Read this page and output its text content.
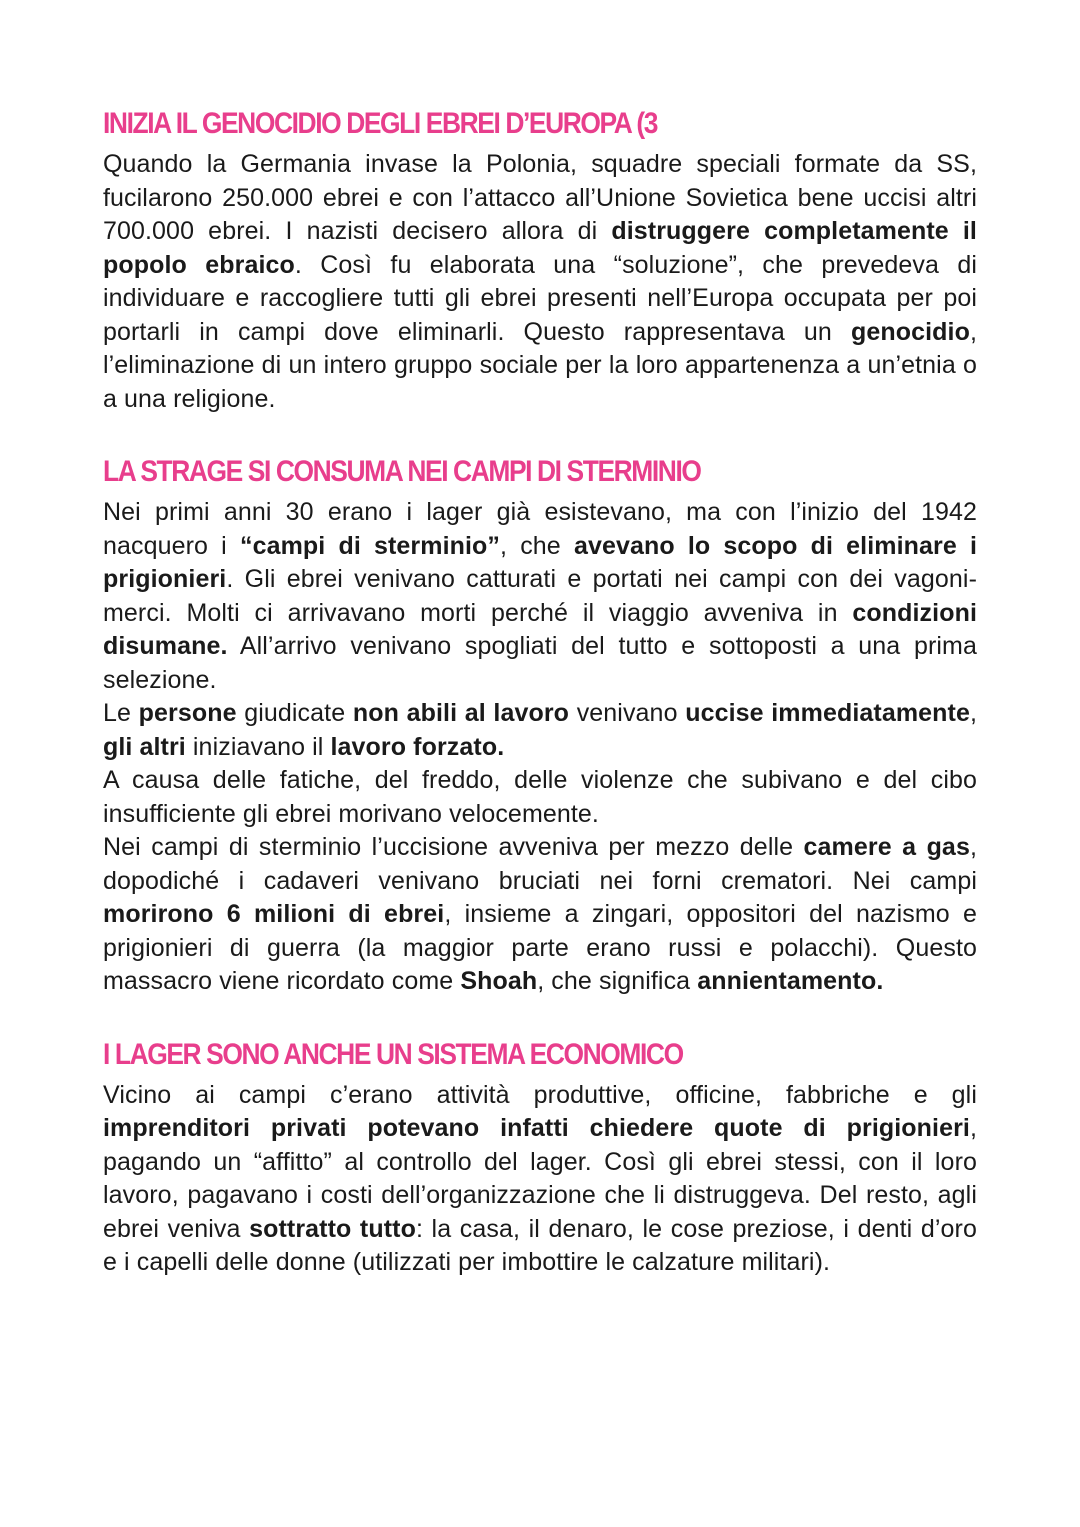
INIZIA IL GENOCIDIO DEGLI EBREI D’EUROPA (3

Quando la Germania invase la Polonia, squadre speciali formate da SS, fucilarono 250.000 ebrei e con l’attacco all’Unione Sovietica bene uccisi altri 700.000 ebrei. I nazisti decisero allora di distruggere completamente il popolo ebraico. Così fu elaborata una “soluzione”, che prevedeva di individuare e raccogliere tutti gli ebrei presenti nell’Europa occupata per poi portarli in campi dove eliminarli. Questo rappresentava un genocidio, l’eliminazione di un intero gruppo sociale per la loro appartenenza a un’etnia o a una religione.

LA STRAGE SI CONSUMA NEI CAMPI DI STERMINIO

Nei primi anni 30 erano i lager già esistevano, ma con l’inizio del 1942 nacquero i “campi di sterminio”, che avevano lo scopo di eliminare i prigionieri. Gli ebrei venivano catturati e portati nei campi con dei vagoni-merci. Molti ci arrivavano morti perché il viaggio avveniva in condizioni disumane. All’arrivo venivano spogliati del tutto e sottoposti a una prima selezione.

Le persone giudicate non abili al lavoro venivano uccise immediatamente, gli altri iniziavano il lavoro forzato.

A causa delle fatiche, del freddo, delle violenze che subivano e del cibo insufficiente gli ebrei morivano velocemente.

Nei campi di sterminio l’uccisione avveniva per mezzo delle camere a gas, dopodiché i cadaveri venivano bruciati nei forni crematori. Nei campi morirono 6 milioni di ebrei, insieme a zingari, oppositori del nazismo e prigionieri di guerra (la maggior parte erano russi e polacchi). Questo massacro viene ricordato come Shoah, che significa annientamento.

I LAGER SONO ANCHE UN SISTEMA ECONOMICO

Vicino ai campi c’erano attività produttive, officine, fabbriche e gli imprenditori privati potevano infatti chiedere quote di prigionieri, pagando un “affitto” al controllo del lager. Così gli ebrei stessi, con il loro lavoro, pagavano i costi dell’organizzazione che li distruggeva. Del resto, agli ebrei veniva sottratto tutto: la casa, il denaro, le cose preziose, i denti d’oro e i capelli delle donne (utilizzati per imbottire le calzature militari).
